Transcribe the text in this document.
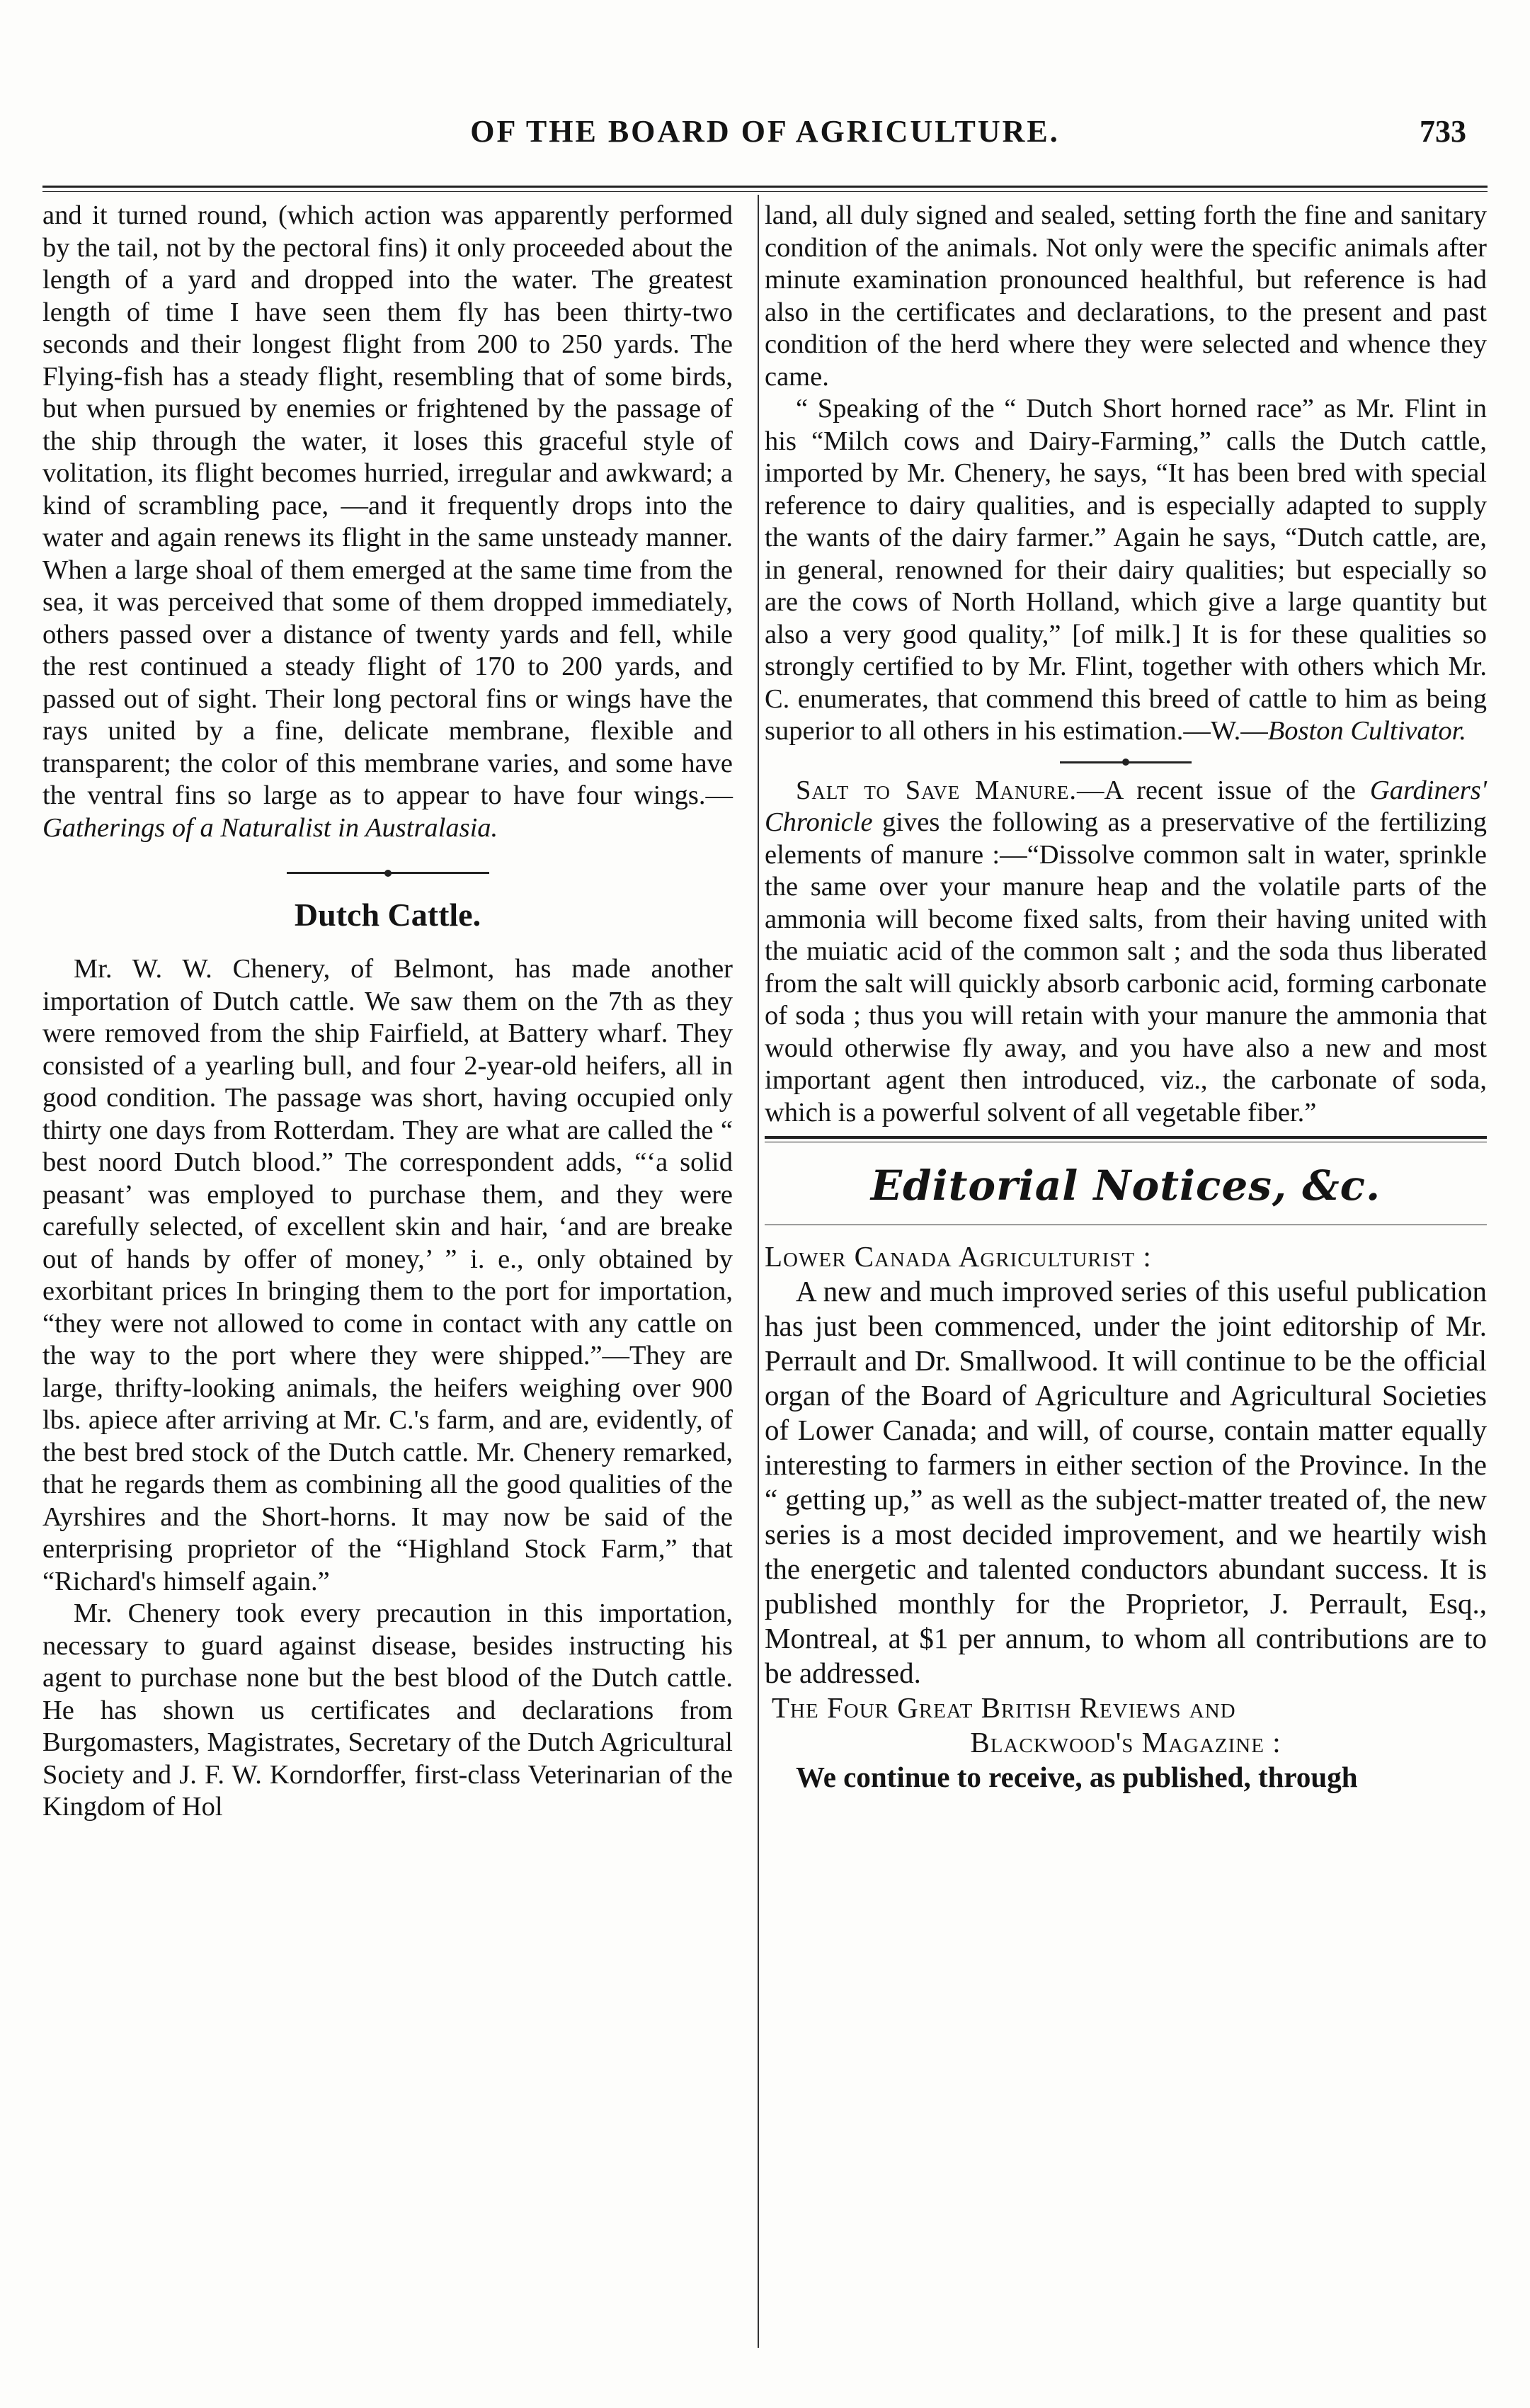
OF THE BOARD OF AGRICULTURE.	733

and it turned round, (which action was apparently performed by the tail, not by the pectoral fins) it only proceeded about the length of a yard and dropped into the water. The greatest length of time I have seen them fly has been thirty-two seconds and their longest flight from 200 to 250 yards. The Flying-fish has a steady flight, resembling that of some birds, but when pursued by enemies or frightened by the passage of the ship through the water, it loses this graceful style of volitation, its flight becomes hurried, irregular and awkward; a kind of scrambling pace, —and it frequently drops into the water and again renews its flight in the same unsteady manner. When a large shoal of them emerged at the same time from the sea, it was perceived that some of them dropped immediately, others passed over a distance of twenty yards and fell, while the rest continued a steady flight of 170 to 200 yards, and passed out of sight. Their long pectoral fins or wings have the rays united by a fine, delicate membrane, flexible and transparent; the color of this membrane varies, and some have the ventral fins so large as to appear to have four wings.—Gatherings of a Naturalist in Australasia.

Dutch Cattle.

Mr. W. W. Chenery, of Belmont, has made another importation of Dutch cattle. We saw them on the 7th as they were removed from the ship Fairfield, at Battery wharf. They consisted of a yearling bull, and four 2-year-old heifers, all in good condition. The passage was short, having occupied only thirty one days from Rotterdam. They are what are called the “ best noord Dutch blood.” The correspondent adds, “‘a solid peasant’ was employed to purchase them, and they were carefully selected, of excellent skin and hair, ‘and are breake out of hands by offer of money,’ ” i. e., only obtained by exorbitant prices In bringing them to the port for importation, “they were not allowed to come in contact with any cattle on the way to the port where they were shipped.”—They are large, thrifty-looking animals, the heifers weighing over 900 lbs. apiece after arriving at Mr. C.'s farm, and are, evidently, of the best bred stock of the Dutch cattle. Mr. Chenery remarked, that he regards them as combining all the good qualities of the Ayrshires and the Short-horns. It may now be said of the enterprising proprietor of the “Highland Stock Farm,” that “Richard's himself again.”

Mr. Chenery took every precaution in this importation, necessary to guard against disease, besides instructing his agent to purchase none but the best blood of the Dutch cattle. He has shown us certificates and declarations from Burgomasters, Magistrates, Secretary of the Dutch Agricultural Society and J. F. W. Korndorffer, first-class Veterinarian of the Kingdom of Hol

land, all duly signed and sealed, setting forth the fine and sanitary condition of the animals. Not only were the specific animals after minute examination pronounced healthful, but reference is had also in the certificates and declarations, to the present and past condition of the herd where they were selected and whence they came.

“ Speaking of the “ Dutch Short horned race” as Mr. Flint in his “Milch cows and Dairy-Farming,” calls the Dutch cattle, imported by Mr. Chenery, he says, “It has been bred with special reference to dairy qualities, and is especially adapted to supply the wants of the dairy farmer.” Again he says, “Dutch cattle, are, in general, renowned for their dairy qualities; but especially so are the cows of North Holland, which give a large quantity but also a very good quality,” [of milk.] It is for these qualities so strongly certified to by Mr. Flint, together with others which Mr. C. enumerates, that commend this breed of cattle to him as being superior to all others in his estimation.—W.—Boston Cultivator.

Salt to Save Manure.—A recent issue of the Gardiners' Chronicle gives the following as a preservative of the fertilizing elements of manure :—“Dissolve common salt in water, sprinkle the same over your manure heap and the volatile parts of the ammonia will become fixed salts, from their having united with the muiatic acid of the common salt ; and the soda thus liberated from the salt will quickly absorb carbonic acid, forming carbonate of soda ; thus you will retain with your manure the ammonia that would otherwise fly away, and you have also a new and most important agent then introduced, viz., the carbonate of soda, which is a powerful solvent of all vegetable fiber.”

Editorial Notices, &c.

Lower Canada Agriculturist :

A new and much improved series of this useful publication has just been commenced, under the joint editorship of Mr. Perrault and Dr. Smallwood. It will continue to be the official organ of the Board of Agriculture and Agricultural Societies of Lower Canada; and will, of course, contain matter equally interesting to farmers in either section of the Province. In the “ getting up,” as well as the subject-matter treated of, the new series is a most decided improvement, and we heartily wish the energetic and talented conductors abundant success. It is published monthly for the Proprietor, J. Perrault, Esq., Montreal, at $1 per annum, to whom all contributions are to be addressed.

The Four Great British Reviews and

Blackwood's Magazine :

We continue to receive, as published, through
